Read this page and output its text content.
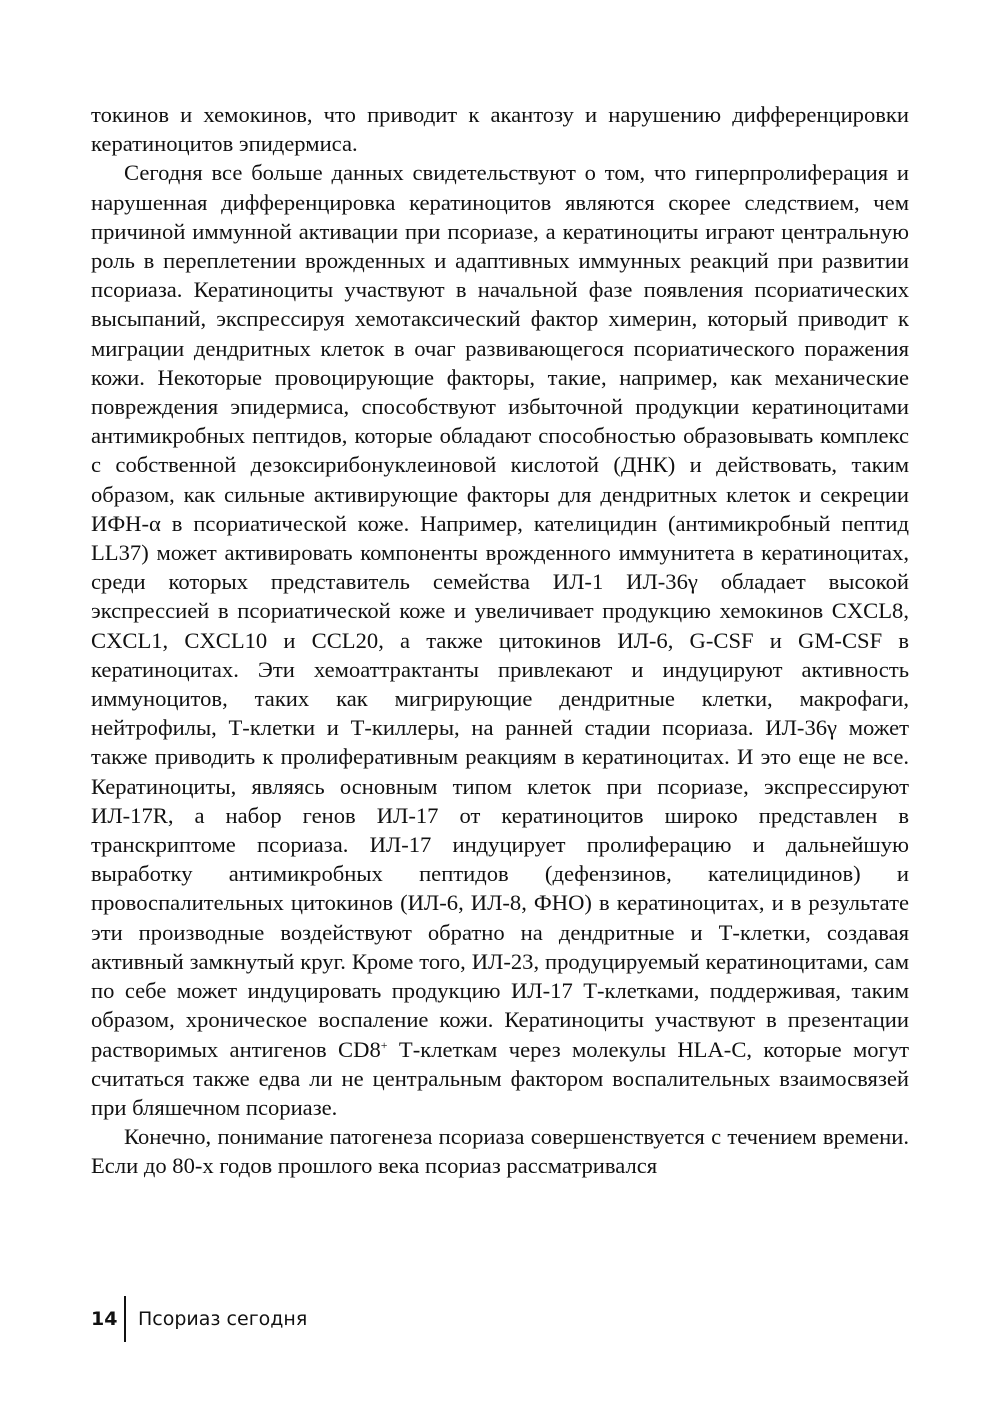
токинов и хемокинов, что приводит к акантозу и нарушению дифференцировки кератиноцитов эпидермиса.

Сегодня все больше данных свидетельствуют о том, что гиперпролиферация и нарушенная дифференцировка кератиноцитов являются скорее следствием, чем причиной иммунной активации при псориазе, а кератиноциты играют центральную роль в переплетении врожденных и адаптивных иммунных реакций при развитии псориаза. Кератиноциты участвуют в начальной фазе появления псориатических высыпаний, экспрессируя хемотаксический фактор химерин, который приводит к миграции дендритных клеток в очаг развивающегося псориатического поражения кожи. Некоторые провоцирующие факторы, такие, например, как механические повреждения эпидермиса, способствуют избыточной продукции кератиноцитами антимикробных пептидов, которые обладают способностью образовывать комплекс с собственной дезоксирибонуклеиновой кислотой (ДНК) и действовать, таким образом, как сильные активирующие факторы для дендритных клеток и секреции ИФН-α в псориатической коже. Например, кателицидин (антимикробный пептид LL37) может активировать компоненты врожденного иммунитета в кератиноцитах, среди которых представитель семейства ИЛ-1 ИЛ-36γ обладает высокой экспрессией в псориатической коже и увеличивает продукцию хемокинов CXCL8, CXCL1, CXCL10 и CCL20, а также цитокинов ИЛ-6, G-CSF и GM-CSF в кератиноцитах. Эти хемоаттрактанты привлекают и индуцируют активность иммуноцитов, таких как мигрирующие дендритные клетки, макрофаги, нейтрофилы, Т-клетки и Т-киллеры, на ранней стадии псориаза. ИЛ-36γ может также приводить к пролиферативным реакциям в кератиноцитах. И это еще не все. Кератиноциты, являясь основным типом клеток при псориазе, экспрессируют ИЛ-17R, а набор генов ИЛ-17 от кератиноцитов широко представлен в транскриптоме псориаза. ИЛ-17 индуцирует пролиферацию и дальнейшую выработку антимикробных пептидов (дефензинов, кателицидинов) и провоспалительных цитокинов (ИЛ-6, ИЛ-8, ФНО) в кератиноцитах, и в результате эти производные воздействуют обратно на дендритные и Т-клетки, создавая активный замкнутый круг. Кроме того, ИЛ-23, продуцируемый кератиноцитами, сам по себе может индуцировать продукцию ИЛ-17 Т-клетками, поддерживая, таким образом, хроническое воспаление кожи. Кератиноциты участвуют в презентации растворимых антигенов CD8+ Т-клеткам через молекулы HLA-C, которые могут считаться также едва ли не центральным фактором воспалительных взаимосвязей при бляшечном псориазе.

Конечно, понимание патогенеза псориаза совершенствуется с течением времени. Если до 80-х годов прошлого века псориаз рассматривался

14 Псориаз сегодня
